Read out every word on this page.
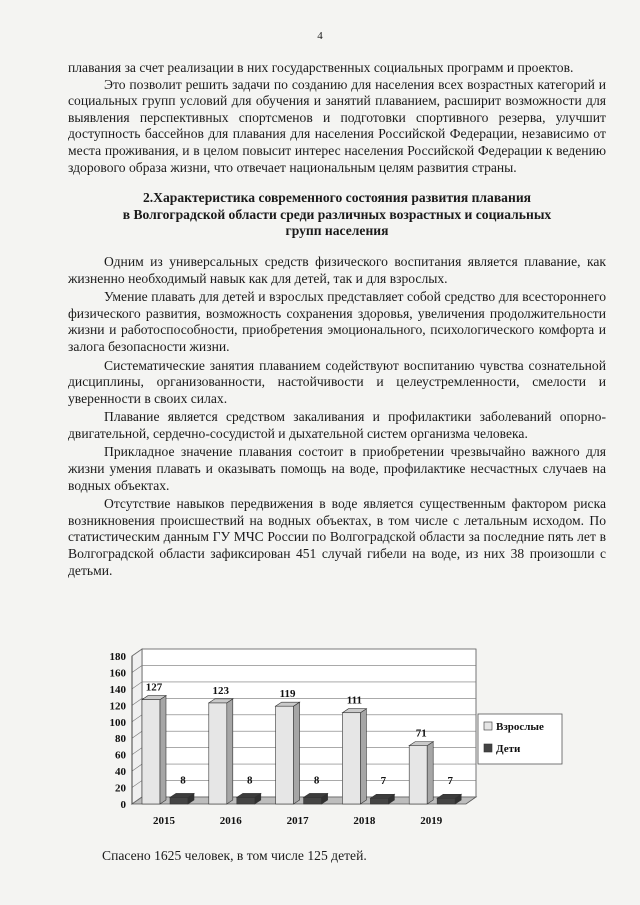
4

плавания за счет реализации в них государственных социальных программ и проектов.

Это позволит решить задачи по созданию для населения всех возрастных категорий и социальных групп условий для обучения и занятий плаванием, расширит возможности для выявления перспективных спортсменов и подготовки спортивного резерва, улучшит доступность бассейнов для плавания для населения Российской Федерации, независимо от места проживания, и в целом повысит интерес населения Российской Федерации к ведению здорового образа жизни, что отвечает национальным целям развития страны.

2.Характеристика современного состояния развития плавания
в Волгоградской области среди различных возрастных и социальных
групп населения

Одним из универсальных средств физического воспитания является плавание, как жизненно необходимый навык как для детей, так и для взрослых.

Умение плавать для детей и взрослых представляет собой средство для всестороннего физического развития, возможность сохранения здоровья, увеличения продолжительности жизни и работоспособности, приобретения эмоционального, психологического комфорта и залога безопасности жизни.

Систематические занятия плаванием содействуют воспитанию чувства сознательной дисциплины, организованности, настойчивости и целеустремленности, смелости и уверенности в своих силах.

Плавание является средством закаливания и профилактики заболеваний опорно-двигательной, сердечно-сосудистой и дыхательной систем организма человека.

Прикладное значение плавания состоит в приобретении чрезвычайно важного для жизни умения плавать и оказывать помощь на воде, профилактике несчастных случаев на водных объектах.

Отсутствие навыков передвижения в воде является существенным фактором риска возникновения происшествий на водных объектах, в том числе с летальным исходом. По статистическим данным ГУ МЧС России по Волгоградской области за последние пять лет в Волгоградской области зафиксирован 451 случай гибели на воде, из них 38 произошли с детьми.

0
20
40
60
80
100
120
140
160
180
127
8
2015
123
8
2016
119
8
2017
111
7
2018
71
7
2019
Взрослые
Дети
Спасено 1625 человек, в том числе 125 детей.
